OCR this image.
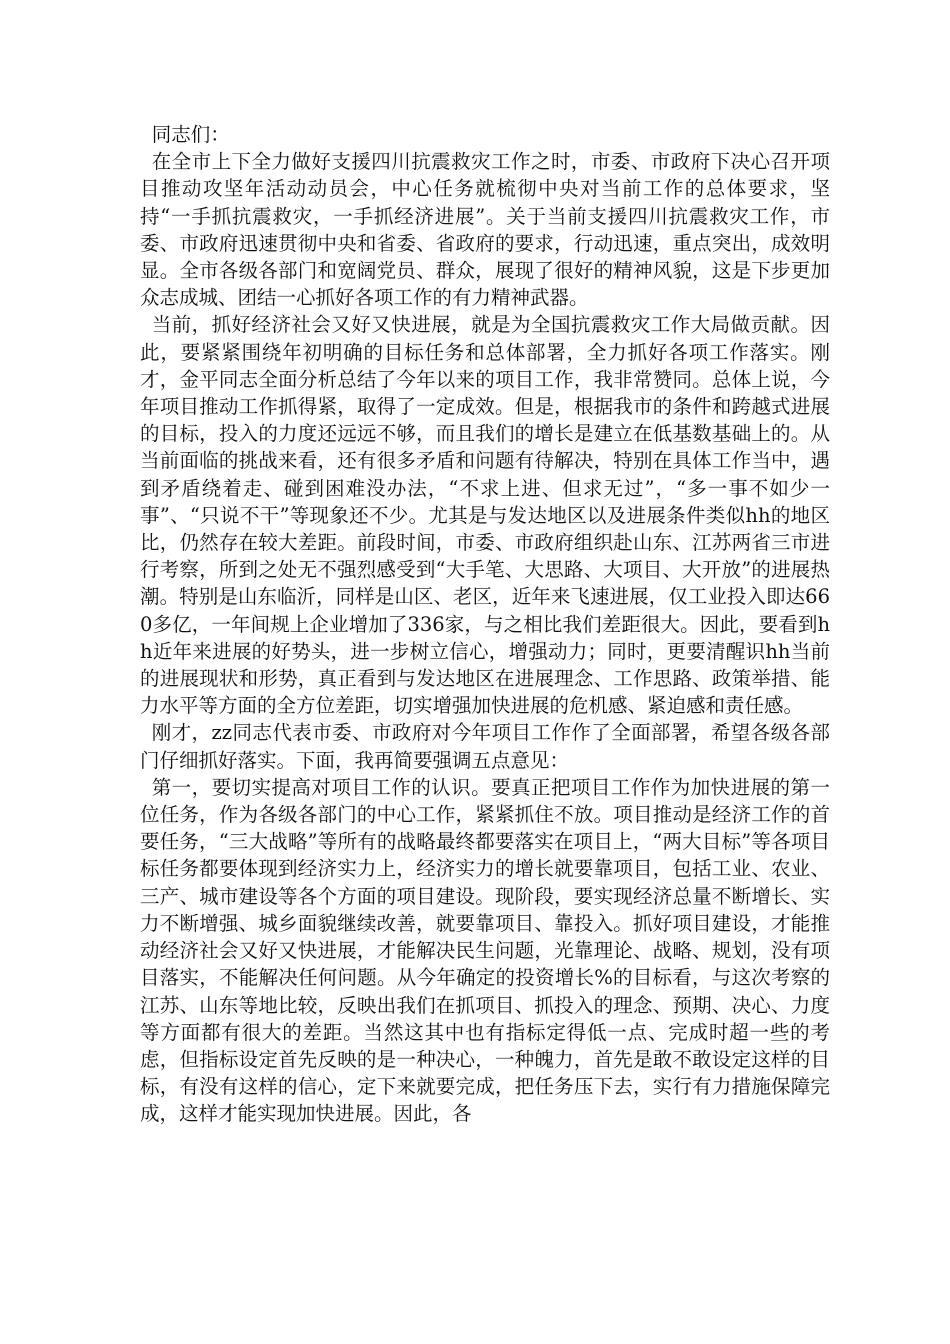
同志们：

在全市上下全力做好支援四川抗震救灾工作之时，市委、市政府下决心召开项目推动攻坚年活动动员会，中心任务就梳彻中央对当前工作的总体要求，坚持“一手抓抗震救灾，一手抓经济进展”。关于当前支援四川抗震救灾工作，市委、市政府迅速贯彻中央和省委、省政府的要求，行动迅速，重点突出，成效明显。全市各级各部门和宽阔党员、群众，展现了很好的精神风貌，这是下步更加众志成城、团结一心抓好各项工作的有力精神武器。

当前，抓好经济社会又好又快进展，就是为全国抗震救灾工作大局做贡献。因此，要紧紧围绕年初明确的目标任务和总体部署，全力抓好各项工作落实。刚才，金平同志全面分析总结了今年以来的项目工作，我非常赞同。总体上说，今年项目推动工作抓得紧，取得了一定成效。但是，根据我市的条件和跨越式进展的目标，投入的力度还远远不够，而且我们的增长是建立在低基数基础上的。从当前面临的挑战来看，还有很多矛盾和问题有待解决，特别在具体工作当中，遇到矛盾绕着走、碰到困难没办法，“不求上进、但求无过”，“多一事不如少一事”、“只说不干”等现象还不少。尤其是与发达地区以及进展条件类似hh的地区比，仍然存在较大差距。前段时间，市委、市政府组织赴山东、江苏两省三市进行考察，所到之处无不强烈感受到“大手笔、大思路、大项目、大开放”的进展热潮。特别是山东临沂，同样是山区、老区，近年来飞速进展，仅工业投入即达660多亿，一年间规上企业增加了336家，与之相比我们差距很大。因此，要看到hh近年来进展的好势头，进一步树立信心，增强动力；同时，更要清醒识hh当前的进展现状和形势，真正看到与发达地区在进展理念、工作思路、政策举措、能力水平等方面的全方位差距，切实增强加快进展的危机感、紧迫感和责任感。

刚才，zz同志代表市委、市政府对今年项目工作作了全面部署，希望各级各部门仔细抓好落实。下面，我再简要强调五点意见：

第一，要切实提高对项目工作的认识。要真正把项目工作作为加快进展的第一位任务，作为各级各部门的中心工作，紧紧抓住不放。项目推动是经济工作的首要任务，“三大战略”等所有的战略最终都要落实在项目上，“两大目标”等各项目标任务都要体现到经济实力上，经济实力的增长就要靠项目，包括工业、农业、三产、城市建设等各个方面的项目建设。现阶段，要实现经济总量不断增长、实力不断增强、城乡面貌继续改善，就要靠项目、靠投入。抓好项目建设，才能推动经济社会又好又快进展，才能解决民生问题，光靠理论、战略、规划，没有项目落实，不能解决任何问题。从今年确定的投资增长%的目标看，与这次考察的江苏、山东等地比较，反映出我们在抓项目、抓投入的理念、预期、决心、力度等方面都有很大的差距。当然这其中也有指标定得低一点、完成时超一些的考虑，但指标设定首先反映的是一种决心，一种魄力，首先是敢不敢设定这样的目标，有没有这样的信心，定下来就要完成，把任务压下去，实行有力措施保障完成，这样才能实现加快进展。因此，各
